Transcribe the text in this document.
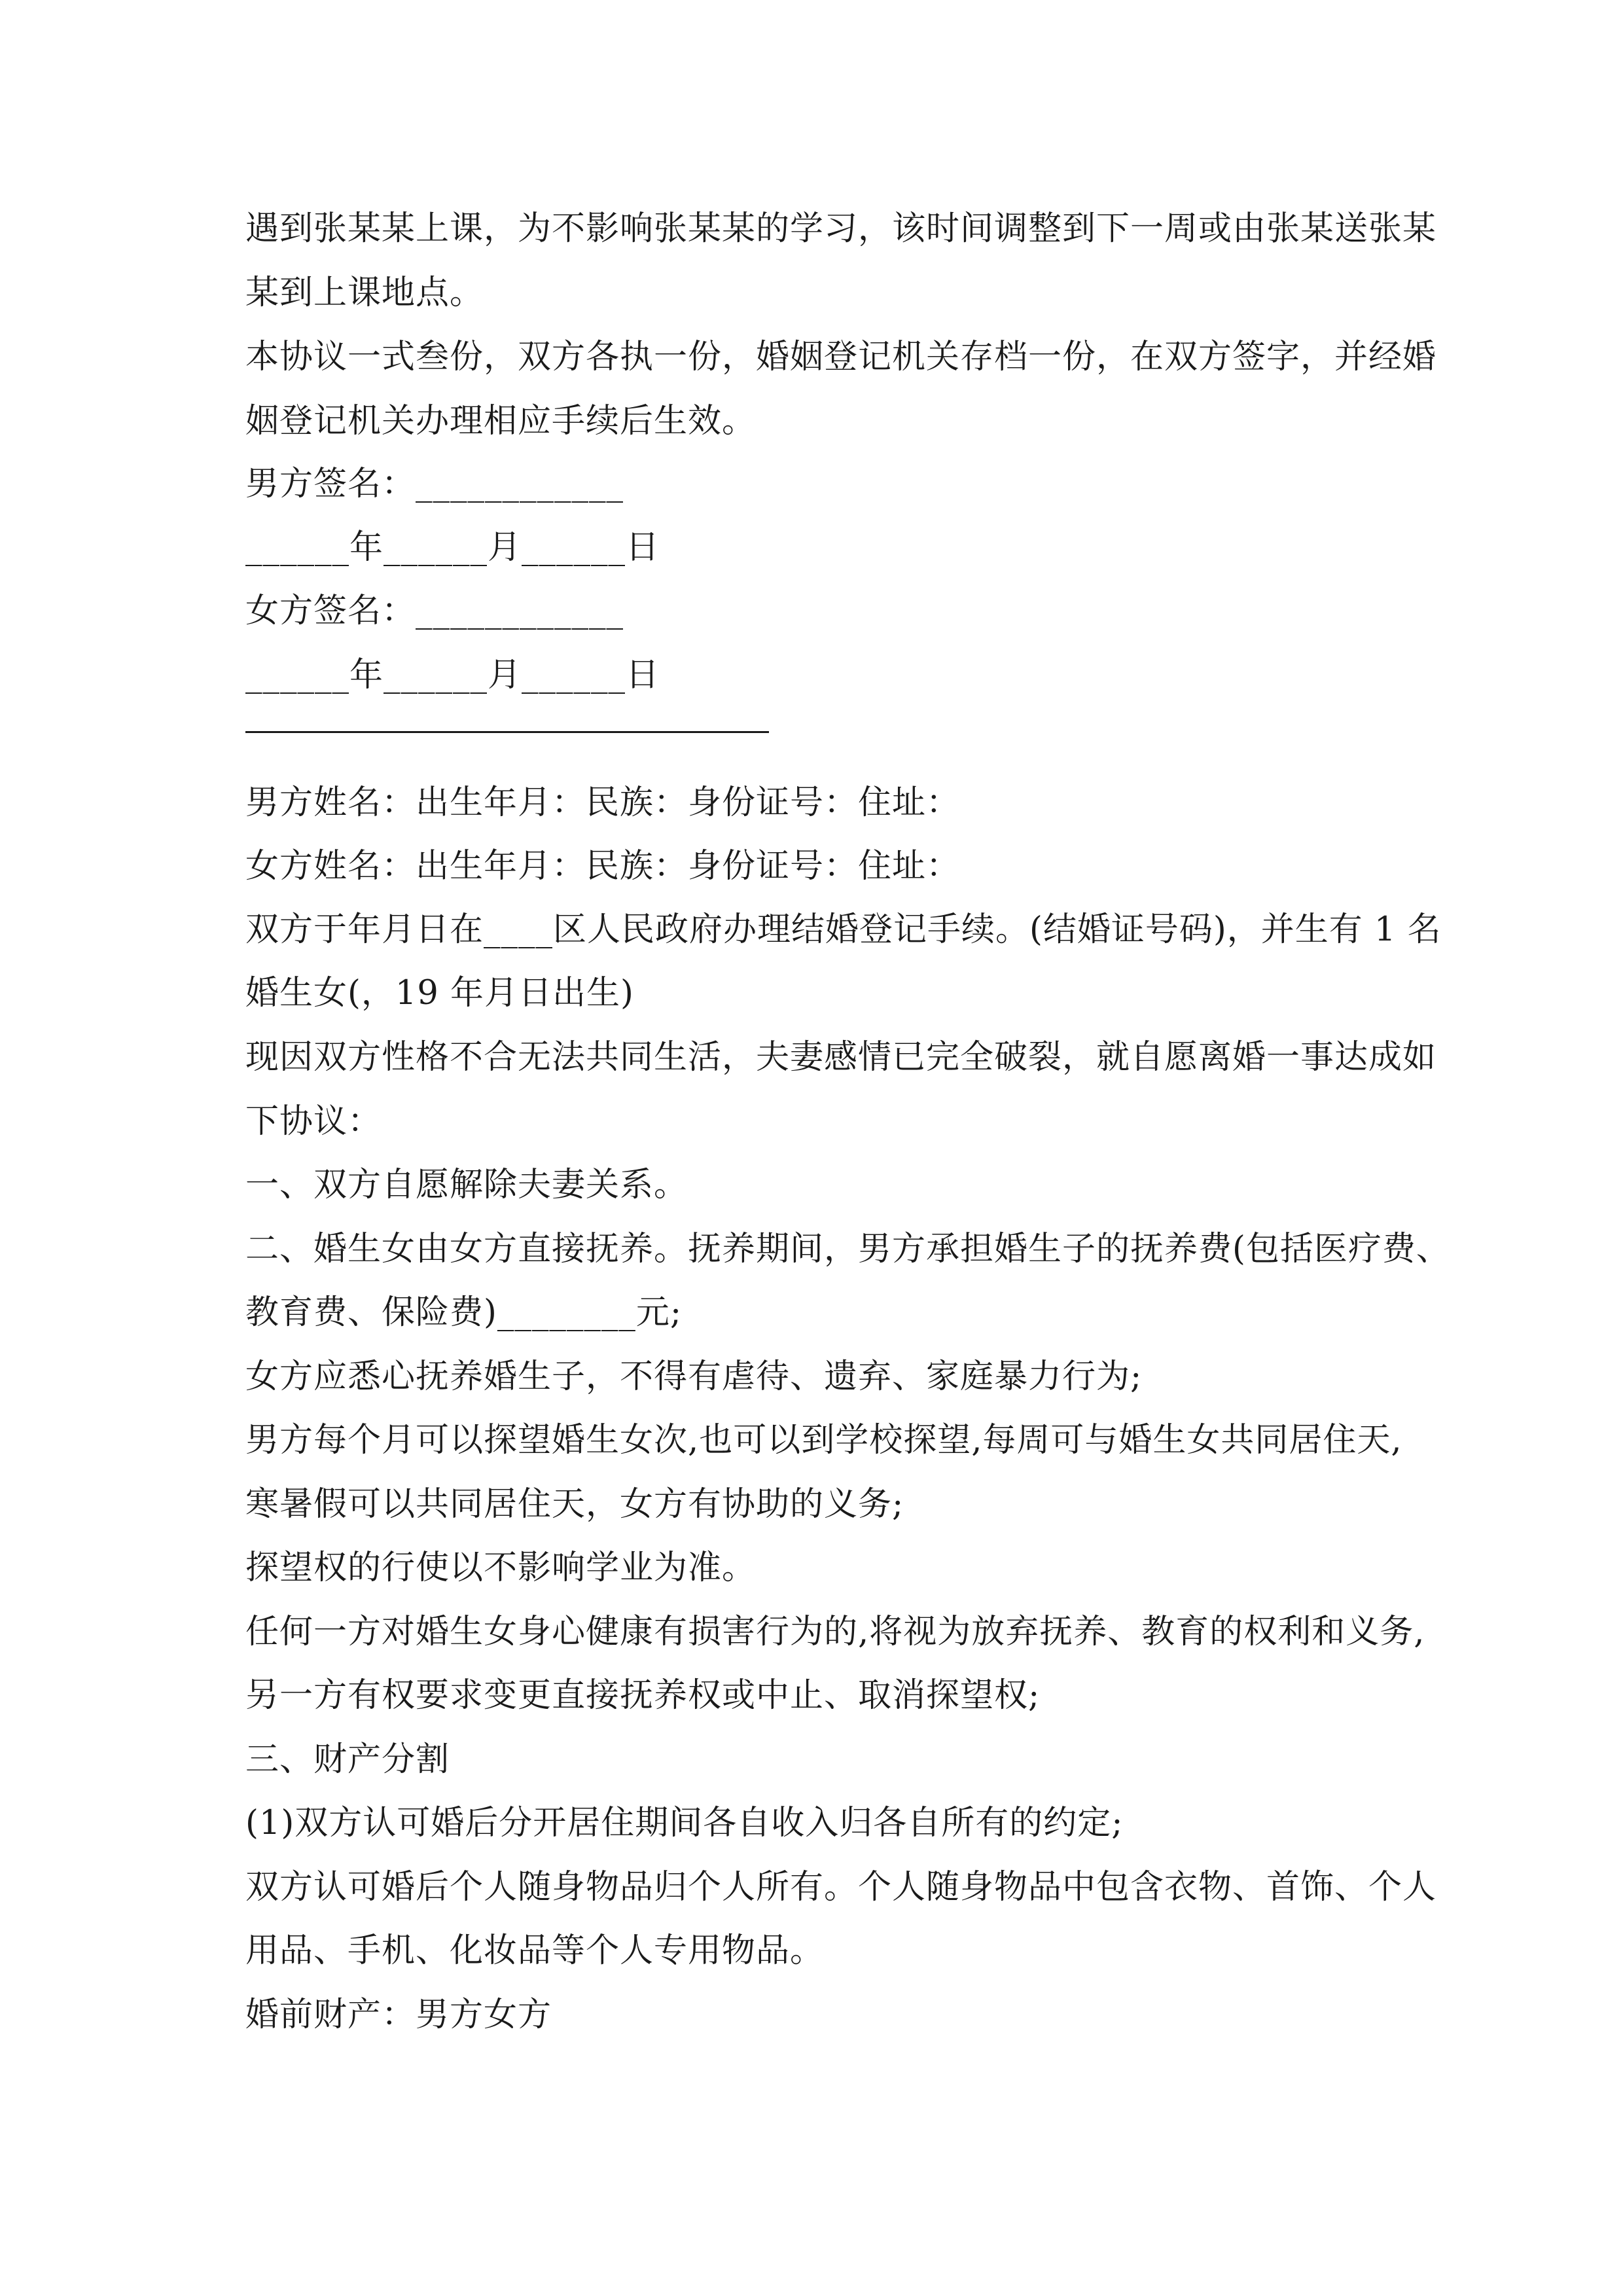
遇到张某某上课，为不影响张某某的学习，该时间调整到下一周或由张某送张某
某到上课地点。
本协议一式叁份，双方各执一份，婚姻登记机关存档一份，在双方签字，并经婚
姻登记机关办理相应手续后生效。
男方签名：____________
______年______月______日
女方签名：____________
______年______月______日
男方姓名：出生年月：民族：身份证号：住址：
女方姓名：出生年月：民族：身份证号：住址：
双方于年月日在____区人民政府办理结婚登记手续。(结婚证号码)，并生有 1 名
婚生女(，19 年月日出生)
现因双方性格不合无法共同生活，夫妻感情已完全破裂，就自愿离婚一事达成如
下协议：
一、双方自愿解除夫妻关系。
二、婚生女由女方直接抚养。抚养期间，男方承担婚生子的抚养费(包括医疗费、
教育费、保险费)________元;
女方应悉心抚养婚生子，不得有虐待、遗弃、家庭暴力行为;
男方每个月可以探望婚生女次,也可以到学校探望,每周可与婚生女共同居住天,
寒暑假可以共同居住天，女方有协助的义务;
探望权的行使以不影响学业为准。
任何一方对婚生女身心健康有损害行为的,将视为放弃抚养、教育的权利和义务,
另一方有权要求变更直接抚养权或中止、取消探望权;
三、财产分割
(1)双方认可婚后分开居住期间各自收入归各自所有的约定;
双方认可婚后个人随身物品归个人所有。个人随身物品中包含衣物、首饰、个人
用品、手机、化妆品等个人专用物品。
婚前财产：男方女方
